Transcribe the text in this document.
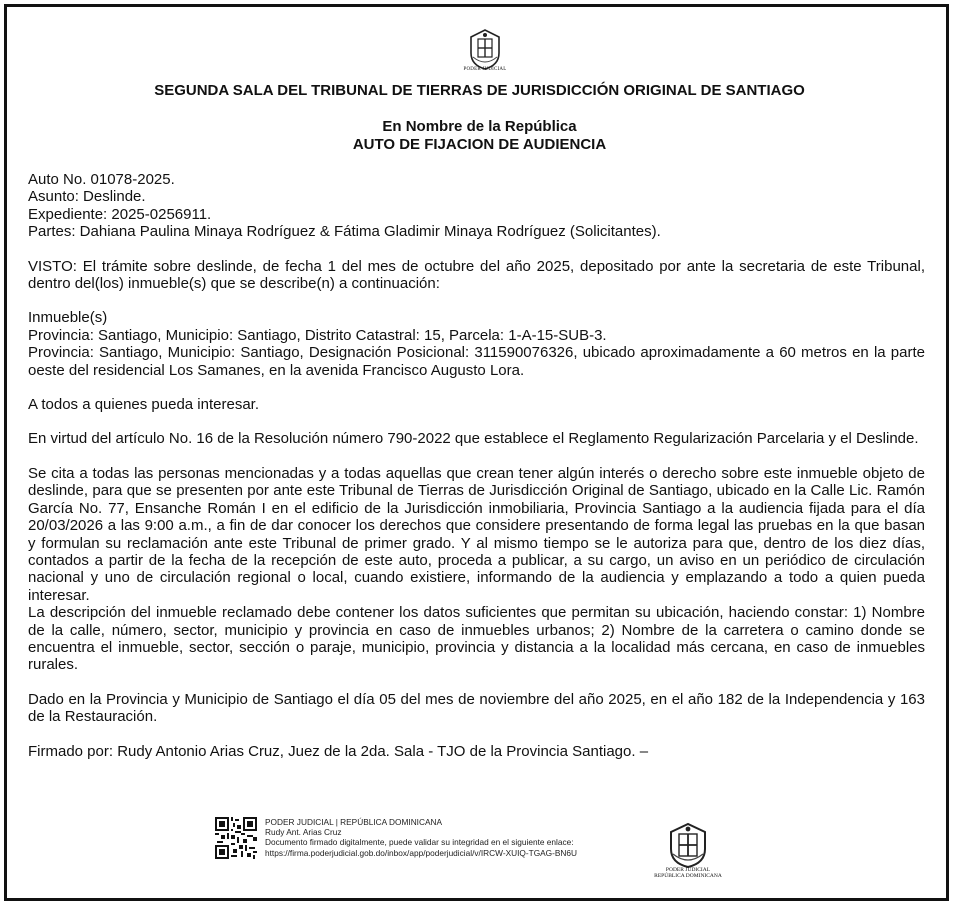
PODER JUDICIAL
SEGUNDA SALA DEL TRIBUNAL DE TIERRAS DE JURISDICCIÓN ORIGINAL DE SANTIAGO
En Nombre de la República
AUTO DE FIJACION DE AUDIENCIA
Auto No. 01078-2025.
Asunto: Deslinde.
Expediente: 2025-0256911.
Partes: Dahiana Paulina Minaya Rodríguez & Fátima Gladimir Minaya Rodríguez (Solicitantes).

VISTO: El trámite sobre deslinde, de fecha 1 del mes de octubre del año 2025, depositado por ante la secretaria de este Tribunal, dentro del(los) inmueble(s) que se describe(n) a continuación:

Inmueble(s)
Provincia: Santiago, Municipio: Santiago, Distrito Catastral: 15, Parcela: 1-A-15-SUB-3.

Provincia: Santiago, Municipio: Santiago, Designación Posicional: 311590076326, ubicado aproximadamente a 60 metros en la parte oeste del residencial Los Samanes, en la avenida Francisco Augusto Lora.

A todos a quienes pueda interesar.

En virtud del artículo No. 16 de la Resolución número 790-2022 que establece el Reglamento Regularización Parcelaria y el Deslinde.

Se cita a todas las personas mencionadas y a todas aquellas que crean tener algún interés o derecho sobre este inmueble objeto de deslinde, para que se presenten por ante este Tribunal de Tierras de Jurisdicción Original de Santiago, ubicado en la Calle Lic. Ramón García No. 77, Ensanche Román I en el edificio de la Jurisdicción inmobiliaria, Provincia Santiago a la audiencia fijada para el día 20/03/2026 a las 9:00 a.m., a fin de dar conocer los derechos que considere presentando de forma legal las pruebas en la que basan y formulan su reclamación ante este Tribunal de primer grado. Y al mismo tiempo se le autoriza para que, dentro de los diez días, contados a partir de la fecha de la recepción de este auto, proceda a publicar, a su cargo, un aviso en un periódico de circulación nacional y uno de circulación regional o local, cuando existiere, informando de la audiencia y emplazando a todo a quien pueda interesar.

La descripción del inmueble reclamado debe contener los datos suficientes que permitan su ubicación, haciendo constar: 1) Nombre de la calle, número, sector, municipio y provincia en caso de inmuebles urbanos; 2) Nombre de la carretera o camino donde se encuentra el inmueble, sector, sección o paraje, municipio, provincia y distancia a la localidad más cercana, en caso de inmuebles rurales.

Dado en la Provincia y Municipio de Santiago el día 05 del mes de noviembre del año 2025, en el año 182 de la Independencia y 163 de la Restauración.

Firmado por: Rudy Antonio Arias Cruz, Juez de la 2da. Sala - TJO de la Provincia Santiago. –

PODER JUDICIAL | REPÚBLICA DOMINICANA
Rudy Ant. Arias Cruz
Documento firmado digitalmente, puede validar su integridad en el siguiente enlace:
https://firma.poderjudicial.gob.do/inbox/app/poderjudicial/v/IRCW-XUIQ-TGAG-BN6U
PODER JUDICIAL
REPÚBLICA DOMINICANA
